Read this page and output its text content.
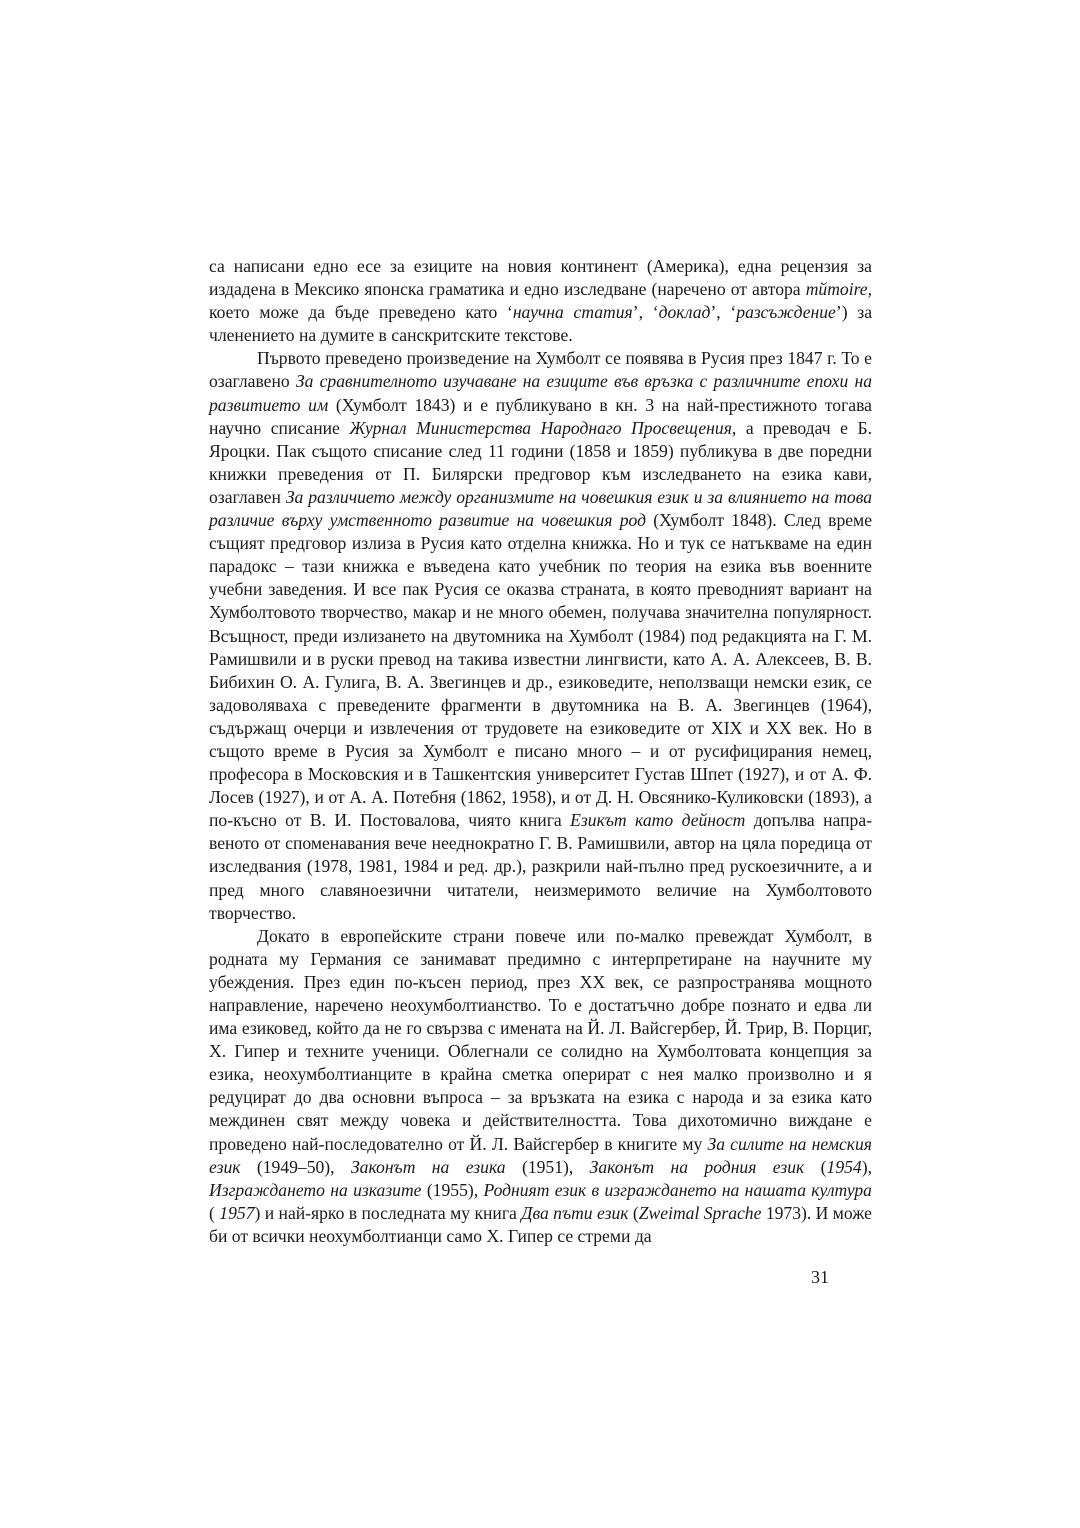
са написани едно есе за езиците на новия континент (Америка), една рецензия за издадена в Мексико японска граматика и едно изследване (наречено от автора mйmoire, което може да бъде преведено като ‘научна статия’, ‘доклад’, ‘разсъждение’) за членението на думите в санскритските текстове.

Първото преведено произведение на Хумболт се появява в Русия през 1847 г. То е озаглавено За сравнителното изучаване на езиците във връзка с различните епохи на развитието им (Хумболт 1843) и е публикувано в кн. 3 на най-престижното тогава научно списание Журнал Министерства Народнаго Просвещения, а преводач е Б. Яроцки. Пак същото списание след 11 години (1858 и 1859) публикува в две поредни книжки преведения от П. Билярски предговор към изследването на езика кави, озаглавен За различието между организмите на човешкия език и за влиянието на това различие върху умственното развитие на човешкия род (Хумболт 1848). След време същият предговор излиза в Русия като отделна книжка. Но и тук се натъкваме на един парадокс – тази книжка е въведена като учебник по теория на езика във военните учебни заведения. И все пак Русия се оказва страната, в която преводният вариант на Хумболтовото творчество, макар и не много обемен, получава значителна популярност. Всъщност, преди излизането на двутомника на Хумболт (1984) под редакцията на Г. М. Рамишвили и в руски превод на такива известни лингвисти, като А. А. Алексеев, В. В. Бибихин О. А. Гулига, В. А. Звегинцев и др., езиковедите, неползващи немски език, се задоволяваха с преведените фрагменти в двутомника на В. А. Звегинцев (1964), съдържащ очерци и извлечения от трудовете на езиковедите от XIX и XX век. Но в същото време в Русия за Хумболт е писано много – и от русифицирания немец, професора в Московския и в Ташкентския университет Густав Шпет (1927), и от А. Ф. Лосев (1927), и от А. А. Потебня (1862, 1958), и от Д. Н. Овсянико-Куликовски (1893), а по-късно от В. И. Постовалова, чиято книга Езикът като дейност допълва направеното от споменавания вече нееднократно Г. В. Рамишвили, автор на цяла поредица от изследвания (1978, 1981, 1984 и ред. др.), разкрили най-пълно пред рускоезичните, а и пред много славяноезични читатели, неизмеримото величие на Хумболтовото творчество.

Докато в европейските страни повече или по-малко превеждат Хумболт, в родната му Германия се занимават предимно с интерпретиране на научните му убеждения. През един по-късен период, през XX век, се разпространява мощното направление, наречено неохумболтианство. То е достатъчно добре познато и едва ли има езиковед, който да не го свързва с имената на Й. Л. Вайсгербер, Й. Трир, В. Порциг, Х. Гипер и техните ученици. Облегнали се солидно на Хумболтовата концепция за езика, неохумболтианците в крайна сметка оперират с нея малко произволно и я редуцират до два основни въпроса – за връзката на езика с народа и за езика като междинен свят между човека и действителността. Това дихотомично виждане е проведено най-последователно от Й. Л. Вайсгербер в книгите му За силите на немския език (1949–50), Законът на езика (1951), Законът на родния език (1954), Изграждането на изказите (1955), Родният език в изграждането на нашата култура ( 1957) и най-ярко в последната му книга Два пъти език (Zweimal Sprache 1973). И може би от всички неохумболтианци само Х. Гипер се стреми да

31
